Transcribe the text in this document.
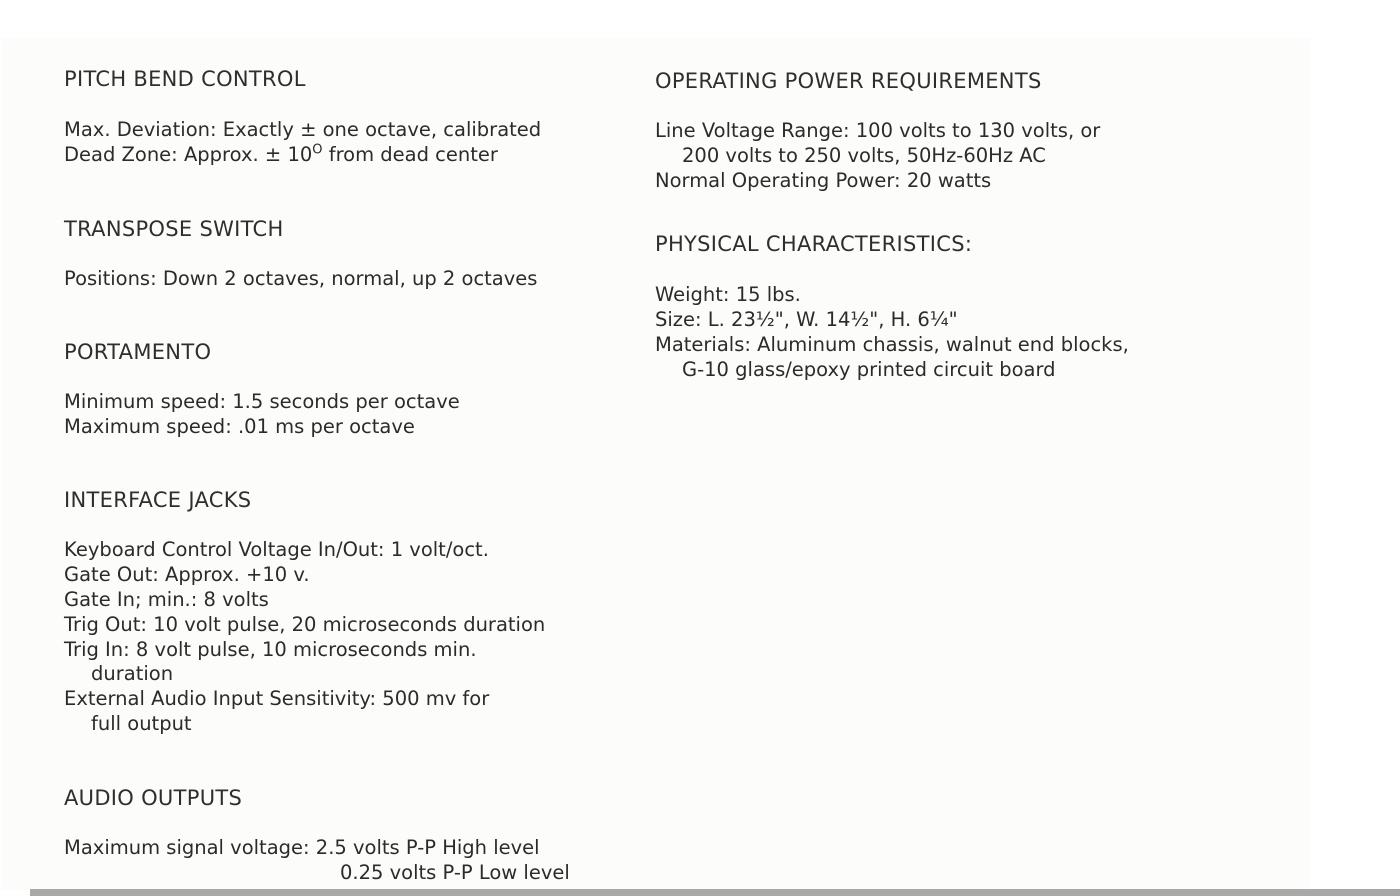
PITCH BEND CONTROL
Max. Deviation: Exactly ± one octave, calibrated
Dead Zone: Approx. ± $10^O$ from dead center
TRANSPOSE SWITCH
Positions: Down 2 octaves, normal, up 2 octaves
PORTAMENTO
Minimum speed: 1.5 seconds per octave
Maximum speed: .01 ms per octave
INTERFACE JACKS
Keyboard Control Voltage In/Out: 1 volt/oct.
Gate Out: Approx. +10 v.
Gate In; min.: 8 volts
Trig Out: 10 volt pulse, 20 microseconds duration
Trig In: 8 volt pulse, 10 microseconds min.
duration
External Audio Input Sensitivity: 500 mv for
full output
AUDIO OUTPUTS
Maximum signal voltage: 2.5 volts P-P High level
0.25 volts P-P Low level
OPERATING POWER REQUIREMENTS
Line Voltage Range: 100 volts to 130 volts, or
200 volts to 250 volts, 50Hz-60Hz AC
Normal Operating Power: 20 watts
PHYSICAL CHARACTERISTICS:
Weight: 15 lbs.
Size: L. 23½", W. 14½", H. 6¼"
Materials: Aluminum chassis, walnut end blocks,
G-10 glass/epoxy printed circuit board
